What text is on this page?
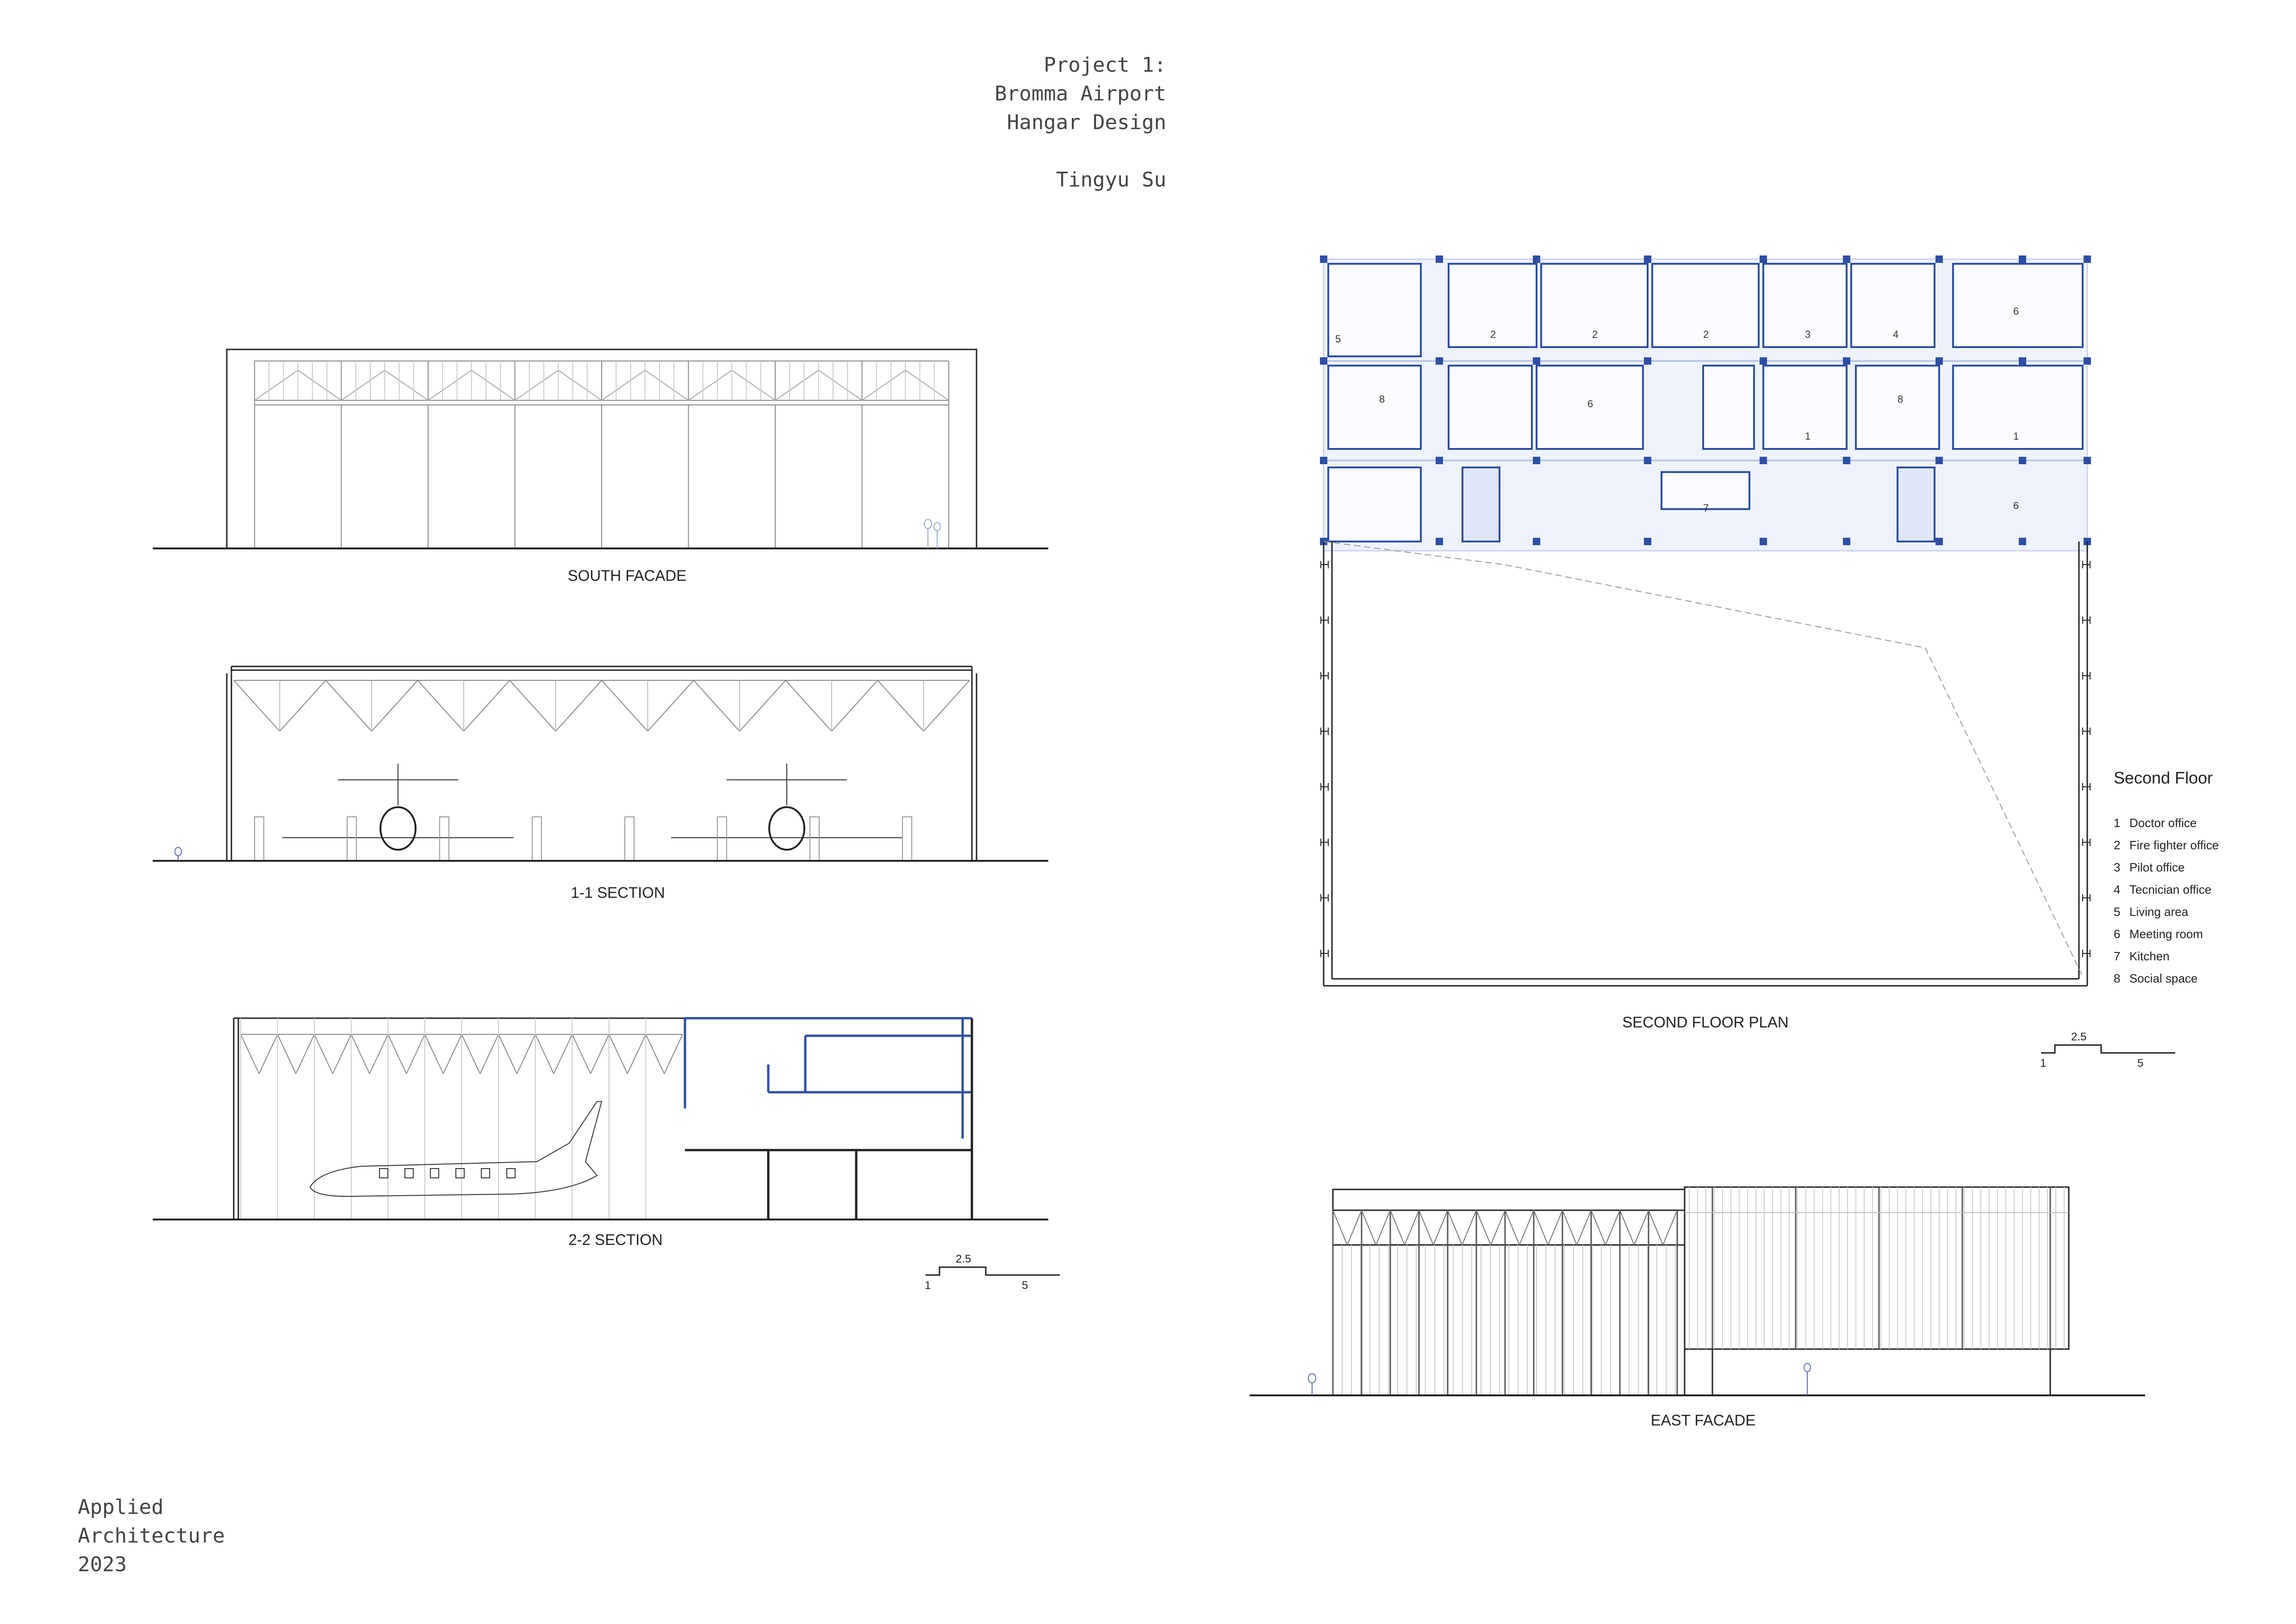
Project 1:
Bromma Airport
Hangar Design
Tingyu Su
SOUTH FACADE
1-1 SECTION
2-2 SECTION
2.5
1	5
5	2	2	2	3	4
6
8	6
1
8
1
7	6
SECOND FLOOR PLAN
Second Floor
1 Doctor office
2 Fire fighter office
3 Pilot office
4 Tecnician office
5 Living area
6 Meeting room
7 Kitchen
8 Social space
2.5
1	5
EAST FACADE
Applied
Architecture
2023
